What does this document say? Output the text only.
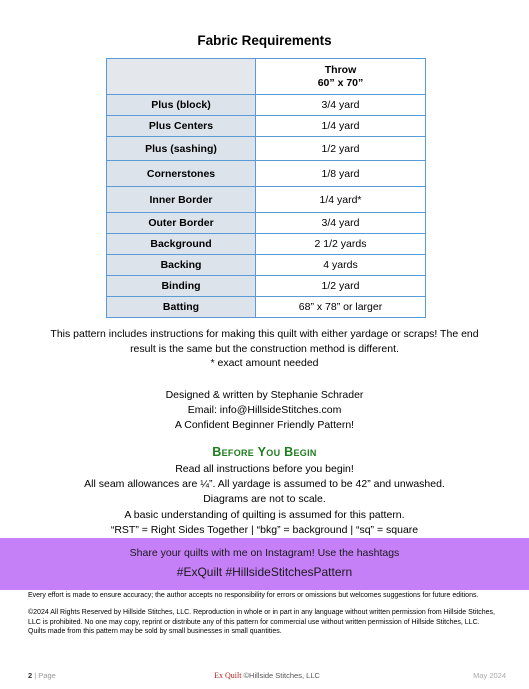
Fabric Requirements

	Throw
60” x 70”

Plus (block)	3/4 yard
Plus Centers	1/4 yard
Plus (sashing)	1/2 yard
Cornerstones	1/8 yard
Inner Border	1/4 yard*
Outer Border	3/4 yard
Background	2 1/2 yards
Backing	4 yards
Binding	1/2 yard
Batting	68” x 78” or larger
This pattern includes instructions for making this quilt with either yardage or scraps! The end
result is the same but the construction method is different.
* exact amount needed
Designed & written by Stephanie Schrader
Email: info@HillsideStitches.com
A Confident Beginner Friendly Pattern!
Before You Begin
Read all instructions before you begin!
All seam allowances are ¼”. All yardage is assumed to be 42” and unwashed.
Diagrams are not to scale.
A basic understanding of quilting is assumed for this pattern.
“RST” = Right Sides Together | “bkg” = background | “sq” = square
Share your quilts with me on Instagram! Use the hashtags
#ExQuilt #HillsideStitchesPattern

Every effort is made to ensure accuracy; the author accepts no responsibility for errors or omissions but welcomes suggestions for future editions.

©2024 All Rights Reserved by Hillside Stitches, LLC. Reproduction in whole or in part in any language without written permission from Hillside Stitches, LLC is prohibited. No one may copy, reprint or distribute any of this pattern for commercial use without written permission of Hillside Stitches, LLC.

Quilts made from this pattern may be sold by small businesses in small quantities.

2 | Page	Ex Quilt ©Hillside Stitches, LLC	May 2024
